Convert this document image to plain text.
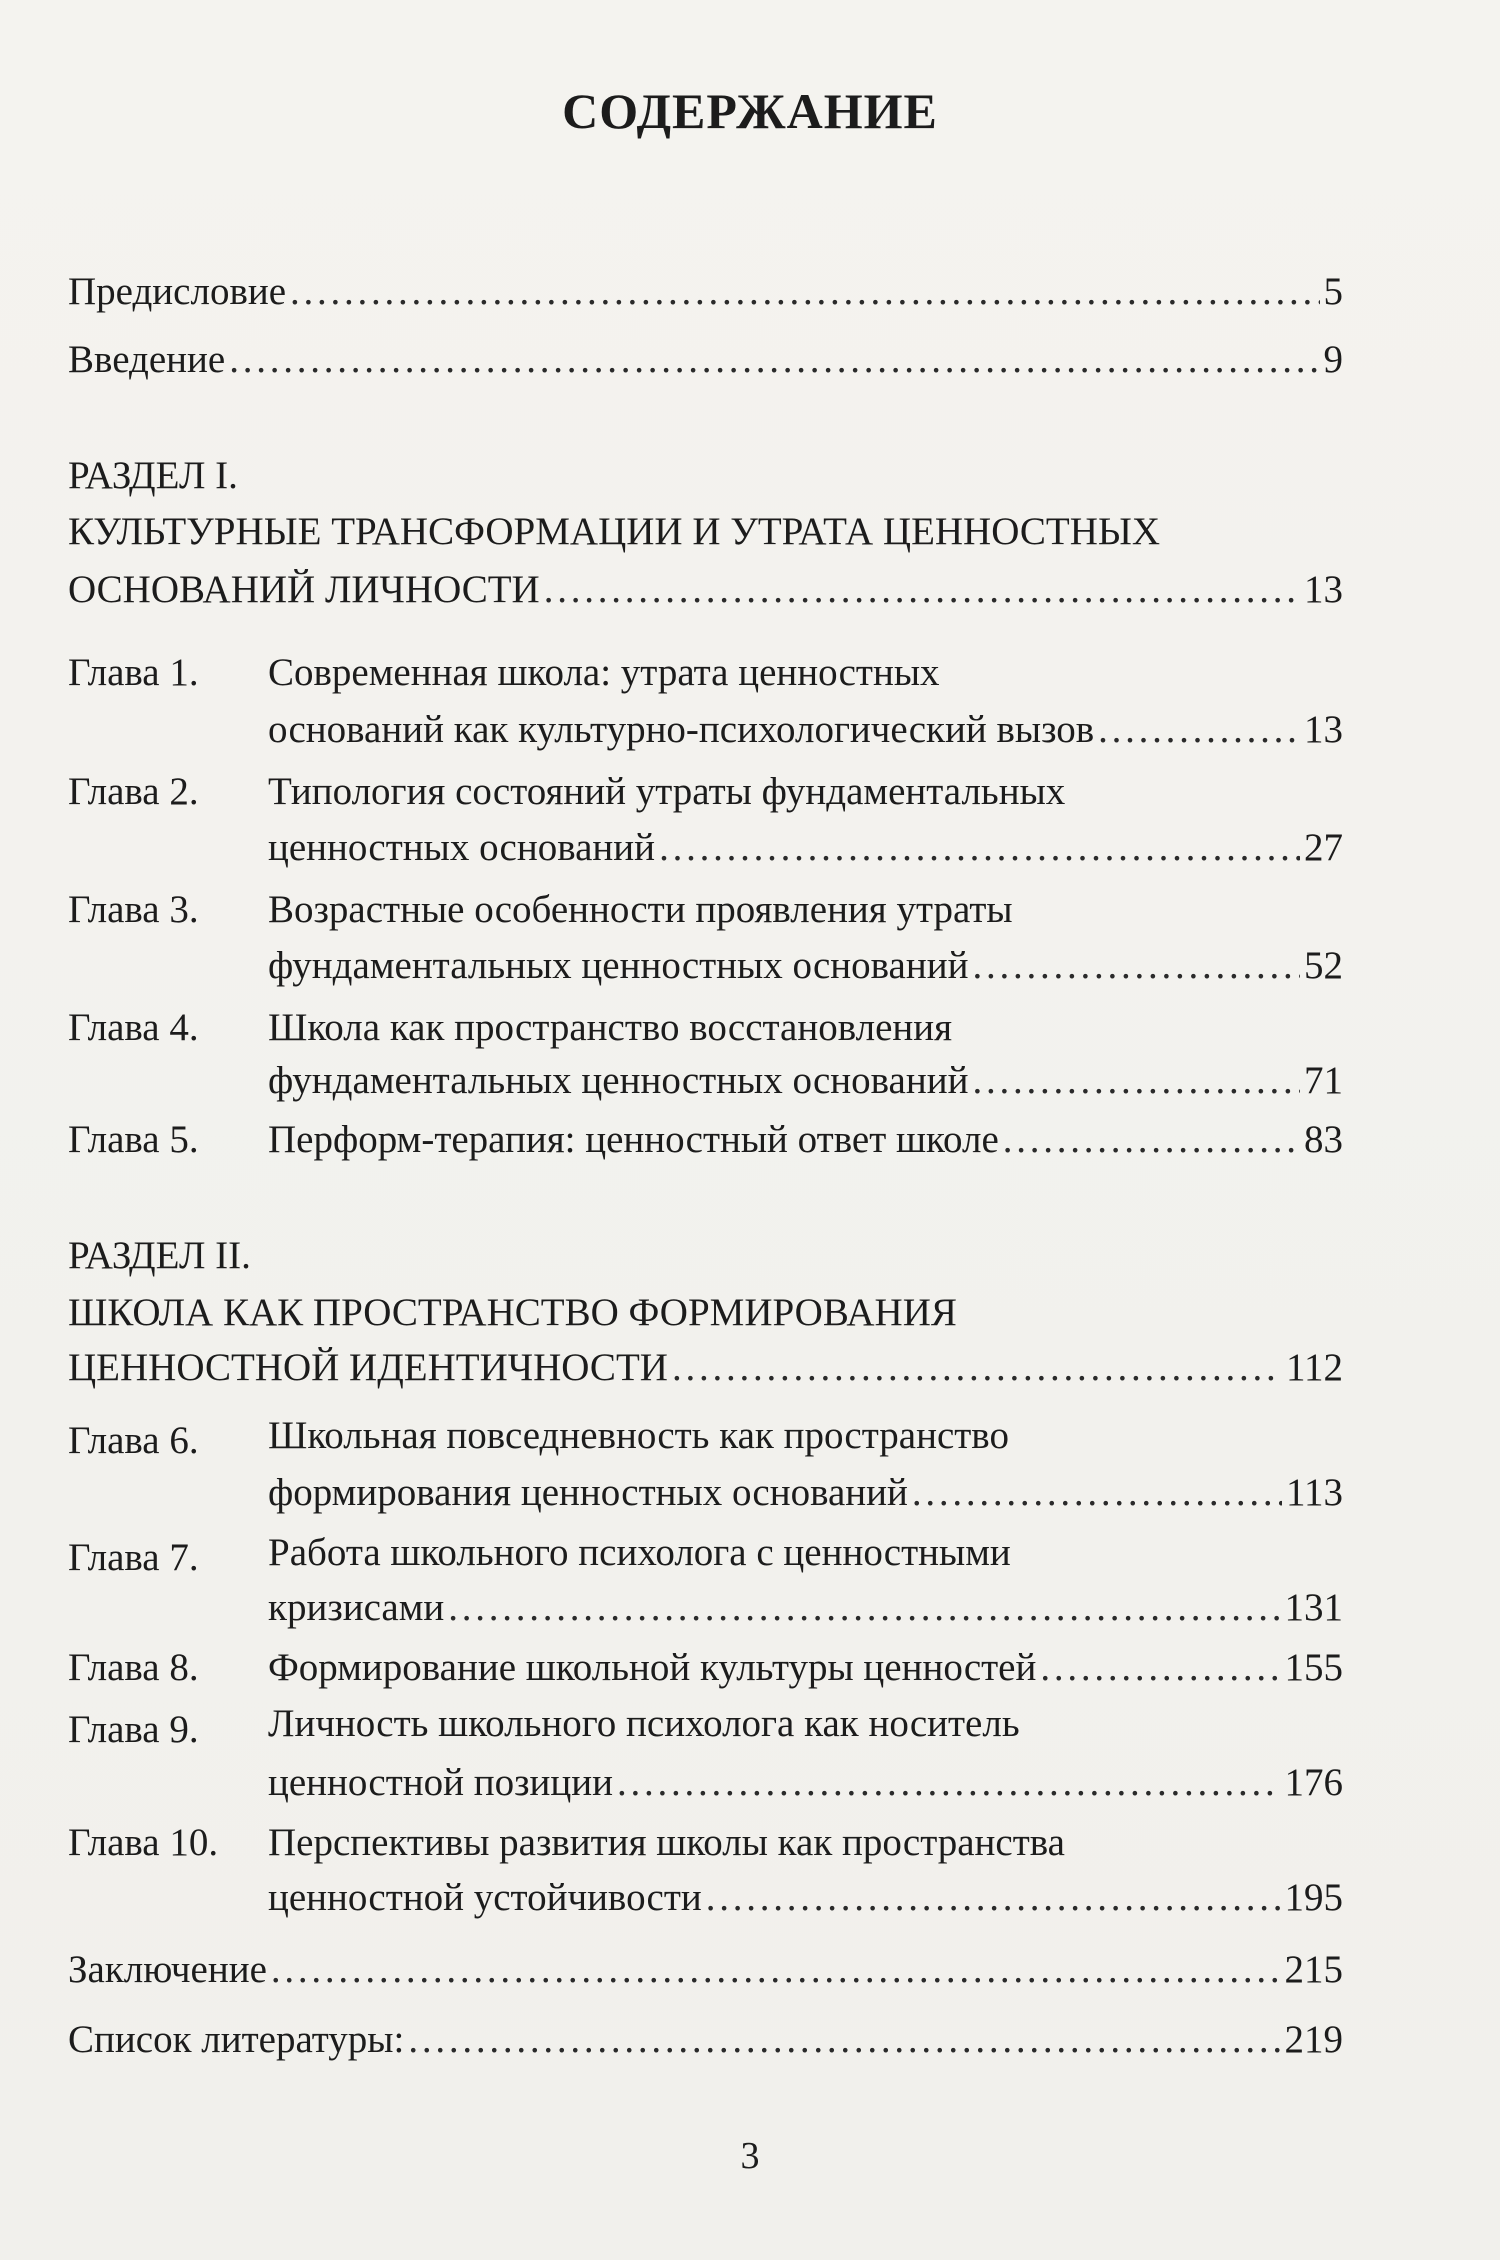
СОДЕРЖАНИЕ
Предисловие . . .	5
Введение . . .	9
РАЗДЕЛ I.
КУЛЬТУРНЫЕ ТРАНСФОРМАЦИИ И УТРАТА ЦЕННОСТНЫХ
ОСНОВАНИЙ ЛИЧНОСТИ . . .	13
Глава 1.	Современная школа: утрата ценностных
оснований как культурно-психологический вызов . . .	13
Глава 2.	Типология состояний утраты фундаментальных
ценностных оснований . . .	27
Глава 3.	Возрастные особенности проявления утраты
фундаментальных ценностных оснований . . .	52
Глава 4.	Школа как пространство восстановления
фундаментальных ценностных оснований . . .	71
Глава 5.	Перформ-терапия: ценностный ответ школе . . .	83
РАЗДЕЛ II.
ШКОЛА КАК ПРОСТРАНСТВО ФОРМИРОВАНИЯ
ЦЕННОСТНОЙ ИДЕНТИЧНОСТИ . . .	112
Глава 6.	Школьная повседневность как пространство
формирования ценностных оснований . . .	113
Глава 7.	Работа школьного психолога с ценностными
кризисами . . .	131
Глава 8.	Формирование школьной культуры ценностей . . .	155
Глава 9.	Личность школьного психолога как носитель
ценностной позиции . . .	176
Глава 10.	Перспективы развития школы как пространства
ценностной устойчивости . . .	195
Заключение . . .	215
Список литературы: . . .	219
3
